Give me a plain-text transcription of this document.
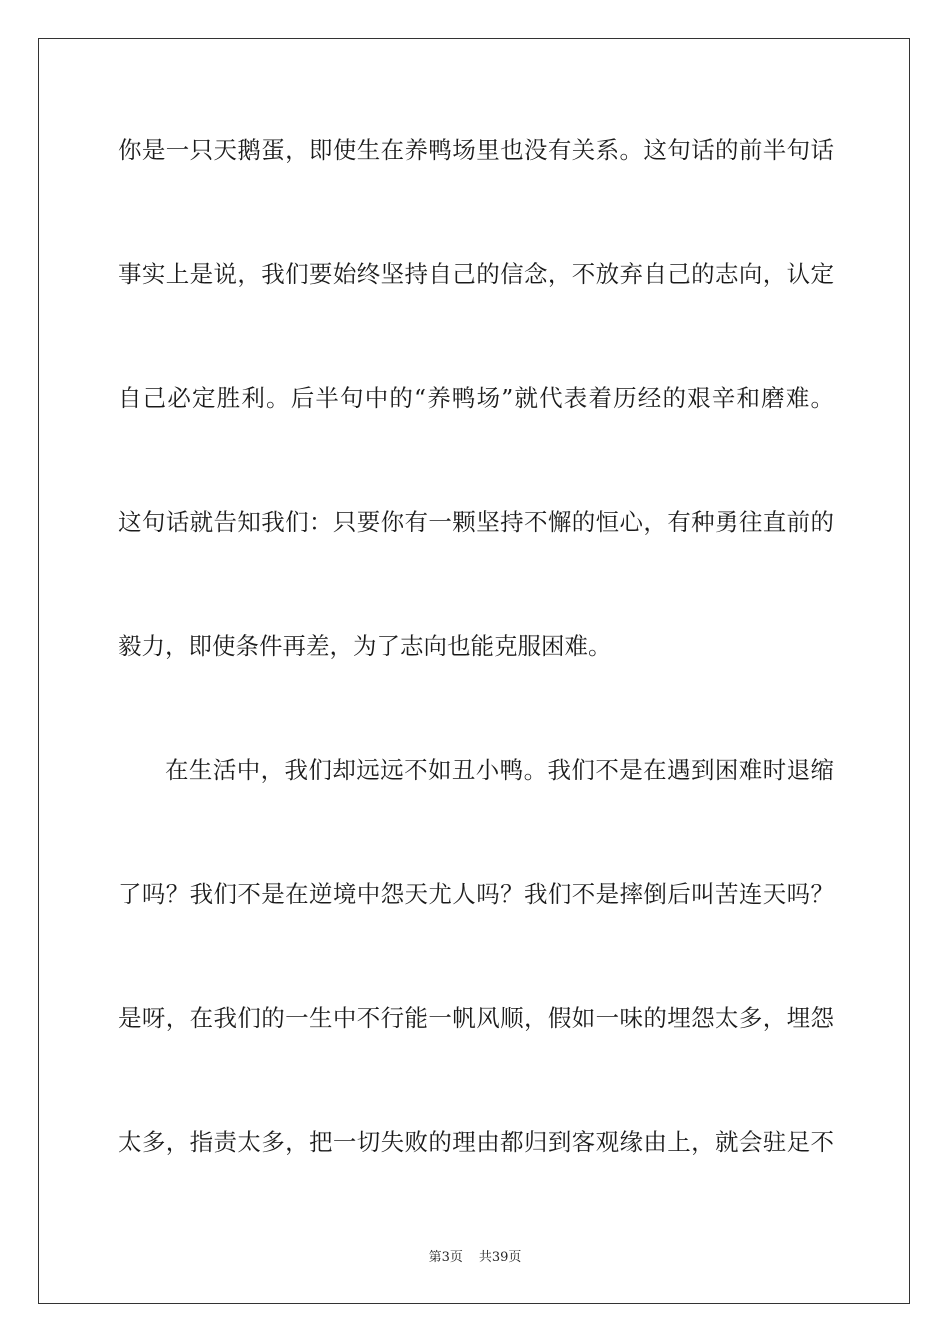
你是一只天鹅蛋，即使生在养鸭场里也没有关系。这句话的前半句话
事实上是说，我们要始终坚持自己的信念，不放弃自己的志向，认定
自己必定胜利。后半句中的“养鸭场”就代表着历经的艰辛和磨难。
这句话就告知我们：只要你有一颗坚持不懈的恒心，有种勇往直前的
毅力，即使条件再差，为了志向也能克服困难。
在生活中，我们却远远不如丑小鸭。我们不是在遇到困难时退缩
了吗？我们不是在逆境中怨天尤人吗？我们不是摔倒后叫苦连天吗？
是呀，在我们的一生中不行能一帆风顺，假如一味的埋怨太多，埋怨
太多，指责太多，把一切失败的理由都归到客观缘由上，就会驻足不
第3页 共39页
